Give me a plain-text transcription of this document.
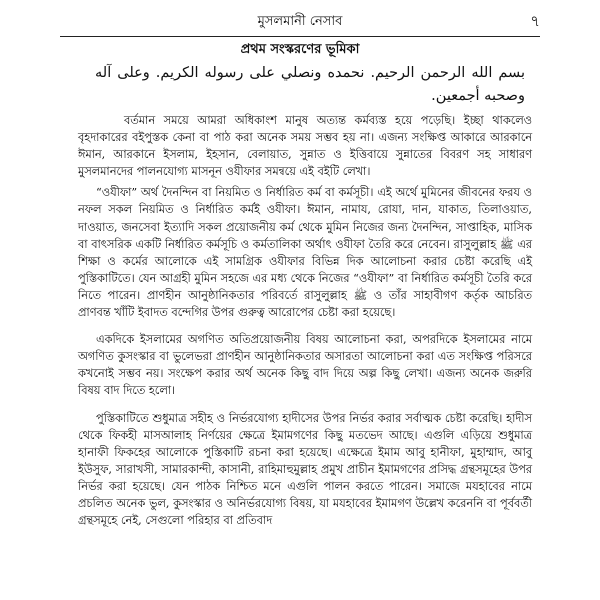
মুসলমানী নেসাব	৭
প্রথম সংস্করণের ভূমিকা
بسم الله الرحمن الرحيم. نحمده ونصلي على رسوله الكريم. وعلى آله وصحبه أجمعين.

বর্তমান সময়ে আমরা অধিকাংশ মানুষ অত্যন্ত কর্মব্যস্ত হয়ে পড়েছি। ইচ্ছা থাকলেও বৃহদাকারের বইপুস্তক কেনা বা পাঠ করা অনেক সময় সম্ভব হয় না। এজন্য সংক্ষিপ্ত আকারে আরকানে ঈমান, আরকানে ইসলাম, ইহসান, বেলায়াত, সুন্নাত ও ইত্তিবায়ে সুন্নাতের বিবরণ সহ সাধারণ মুসলমানদের পালনযোগ্য মাসনূন ওযীফার সমন্বয়ে এই বইটি লেখা।

“ওযীফা” অর্থ দৈনন্দিন বা নিয়মিত ও নির্ধারিত কর্ম বা কর্মসূচী। এই অর্থে মুমিনের জীবনের ফরয ও নফল সকল নিয়মিত ও নির্ধারিত কর্মই ওযীফা। ঈমান, নামায, রোযা, দান, যাকাত, তিলাওয়াত, দাওয়াত, জনসেবা ইত্যাদি সকল প্রয়োজনীয় কর্ম থেকে মুমিন নিজের জন্য দৈনন্দিন, সাপ্তাহিক, মাসিক বা বাৎসরিক একটি নির্ধারিত কর্মসূচি ও কর্মতালিকা অর্থাৎ ওযীফা তৈরি করে নেবেন। রাসুলুল্লাহ ﷺ এর শিক্ষা ও কর্মের আলোকে এই সামগ্রিক ওযীফার বিভিন্ন দিক আলোচনা করার চেষ্টা করেছি এই পুস্তিকাটিতে। যেন আগ্রহী মুমিন সহজে এর মধ্য থেকে নিজের “ওযীফা” বা নির্ধারিত কর্মসূচী তৈরি করে নিতে পারেন। প্রাণহীন আনুষ্ঠানিকতার পরিবর্তে রাসুলুল্লাহ ﷺ ও তাঁর সাহাবীগণ কর্তৃক আচরিত প্রাণবন্ত খাঁটি ইবাদত বন্দেগির উপর গুরুত্ব আরোপের চেষ্টা করা হয়েছে।

একদিকে ইসলামের অগণিত অতিপ্রয়োজনীয় বিষয় আলোচনা করা, অপরদিকে ইসলামের নামে অগণিত কুসংস্কার বা ভুলেভরা প্রাণহীন আনুষ্ঠানিকতার অসারতা আলোচনা করা এত সংক্ষিপ্ত পরিসরে কখনোই সম্ভব নয়। সংক্ষেপ করার অর্থ অনেক কিছু বাদ দিয়ে অল্প কিছু লেখা। এজন্য অনেক জরুরি বিষয় বাদ দিতে হলো।

পুস্তিকাটিতে শুধুমাত্র সহীহ ও নির্ভরযোগ্য হাদীসের উপর নির্ভর করার সর্বাত্মক চেষ্টা করেছি। হাদীস থেকে ফিকহী মাসআলাহ নির্ণয়ের ক্ষেত্রে ইমামগণের কিছু মতভেদ আছে। এগুলি এড়িয়ে শুধুমাত্র হানাফী ফিকহের আলোকে পুস্তিকাটি রচনা করা হয়েছে। এক্ষেত্রে ইমাম আবু হানীফা, মুহাম্মাদ, আবু ইউসুফ, সারাখসী, সামারকান্দী, কাসানী, রাহিমাহুমুল্লাহ প্রমুখ প্রাচীন ইমামগণের প্রসিদ্ধ গ্রন্থসমূহের উপর নির্ভর করা হয়েছে। যেন পাঠক নিশ্চিত মনে এগুলি পালন করতে পারেন। সমাজে মযহাবের নামে প্রচলিত অনেক ভুল, কুসংস্কার ও অনির্ভরযোগ্য বিষয়, যা মযহাবের ইমামগণ উল্লেখ করেননি বা পূর্ববর্তী গ্রন্থসমূহে নেই, সেগুলো পরিহার বা প্রতিবাদ
